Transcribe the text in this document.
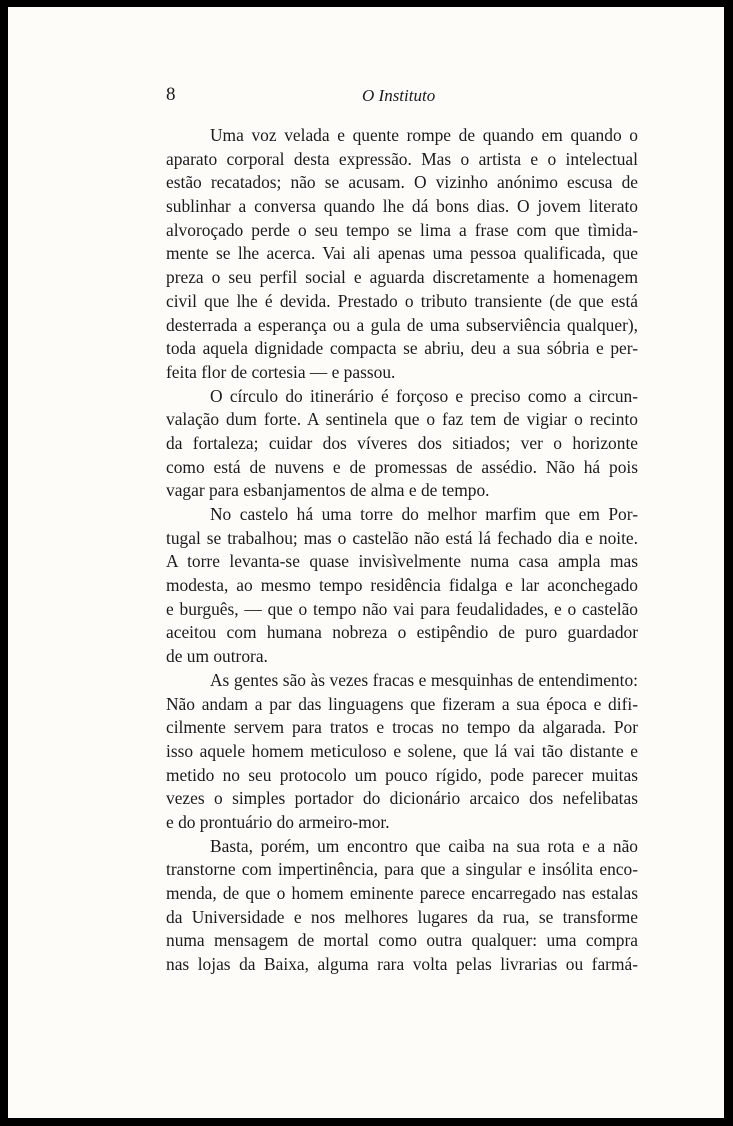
8	O Instituto
Uma voz velada e quente rompe de quando em quando o
aparato corporal desta expressão. Mas o artista e o intelectual
estão recatados; não se acusam. O vizinho anónimo escusa de
sublinhar a conversa quando lhe dá bons dias. O jovem literato
alvoroçado perde o seu tempo se lima a frase com que tìmida-
mente se lhe acerca. Vai ali apenas uma pessoa qualificada, que
preza o seu perfil social e aguarda discretamente a homenagem
civil que lhe é devida. Prestado o tributo transiente (de que está
desterrada a esperança ou a gula de uma subserviência qualquer),
toda aquela dignidade compacta se abriu, deu a sua sóbria e per-
feita flor de cortesia — e passou.
O círculo do itinerário é forçoso e preciso como a circun-
valação dum forte. A sentinela que o faz tem de vigiar o recinto
da fortaleza; cuidar dos víveres dos sitiados; ver o horizonte
como está de nuvens e de promessas de assédio. Não há pois
vagar para esbanjamentos de alma e de tempo.
No castelo há uma torre do melhor marfim que em Por-
tugal se trabalhou; mas o castelão não está lá fechado dia e noite.
A torre levanta-se quase invisìvelmente numa casa ampla mas
modesta, ao mesmo tempo residência fidalga e lar aconchegado
e burguês, — que o tempo não vai para feudalidades, e o castelão
aceitou com humana nobreza o estipêndio de puro guardador
de um outrora.
As gentes são às vezes fracas e mesquinhas de entendimento:
Não andam a par das linguagens que fizeram a sua época e difi-
cilmente servem para tratos e trocas no tempo da algarada. Por
isso aquele homem meticuloso e solene, que lá vai tão distante e
metido no seu protocolo um pouco rígido, pode parecer muitas
vezes o simples portador do dicionário arcaico dos nefelibatas
e do prontuário do armeiro-mor.
Basta, porém, um encontro que caiba na sua rota e a não
transtorne com impertinência, para que a singular e insólita enco-
menda, de que o homem eminente parece encarregado nas estalas
da Universidade e nos melhores lugares da rua, se transforme
numa mensagem de mortal como outra qualquer: uma compra
nas lojas da Baixa, alguma rara volta pelas livrarias ou farmá-
